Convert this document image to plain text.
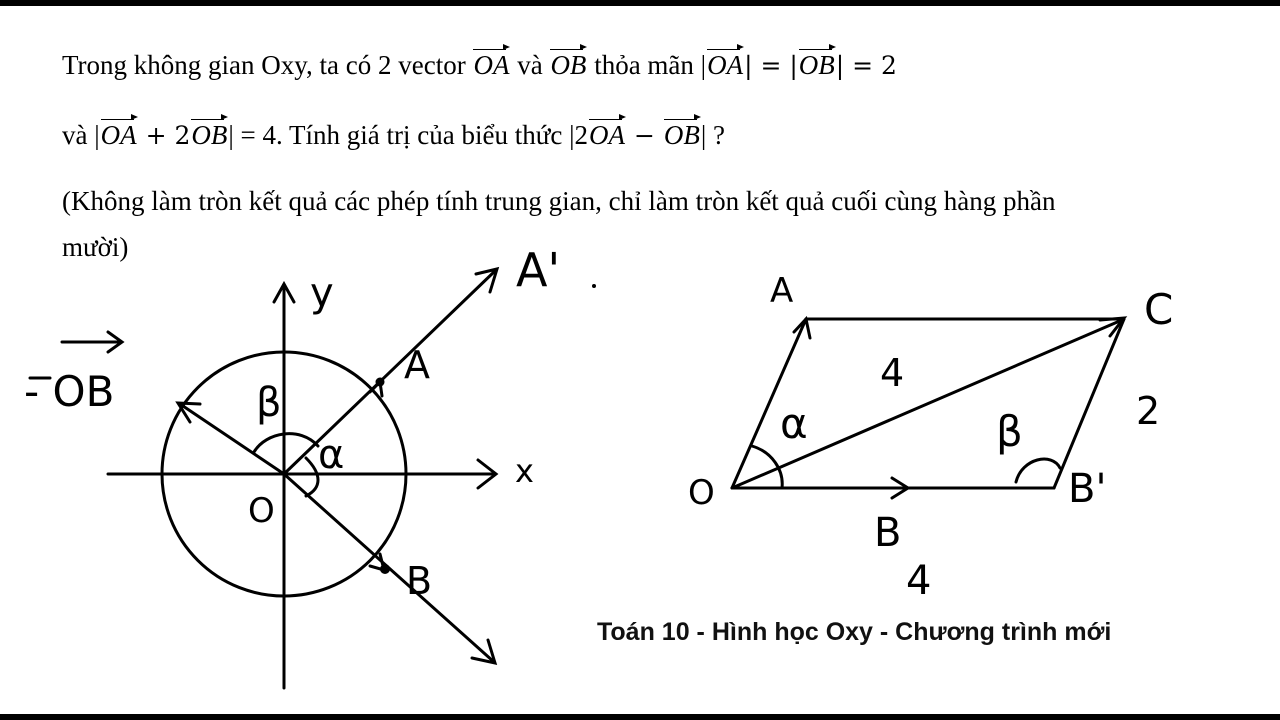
Trong không gian Oxy, ta có 2 vector OA và OB thỏa mãn |OA| = |OB| = 2
và |OA + 2OB| = 4. Tính giá trị của biểu thức |2OA − OB| ?
(Không làm tròn kết quả các phép tính trung gian, chỉ làm tròn kết quả cuối cùng hàng phần
mười)
y
x
O
A
A'
B
α
β
- OB
A	C
O
B
B'
4
2
4
α	β
Toán 10 - Hình học Oxy - Chương trình mới
